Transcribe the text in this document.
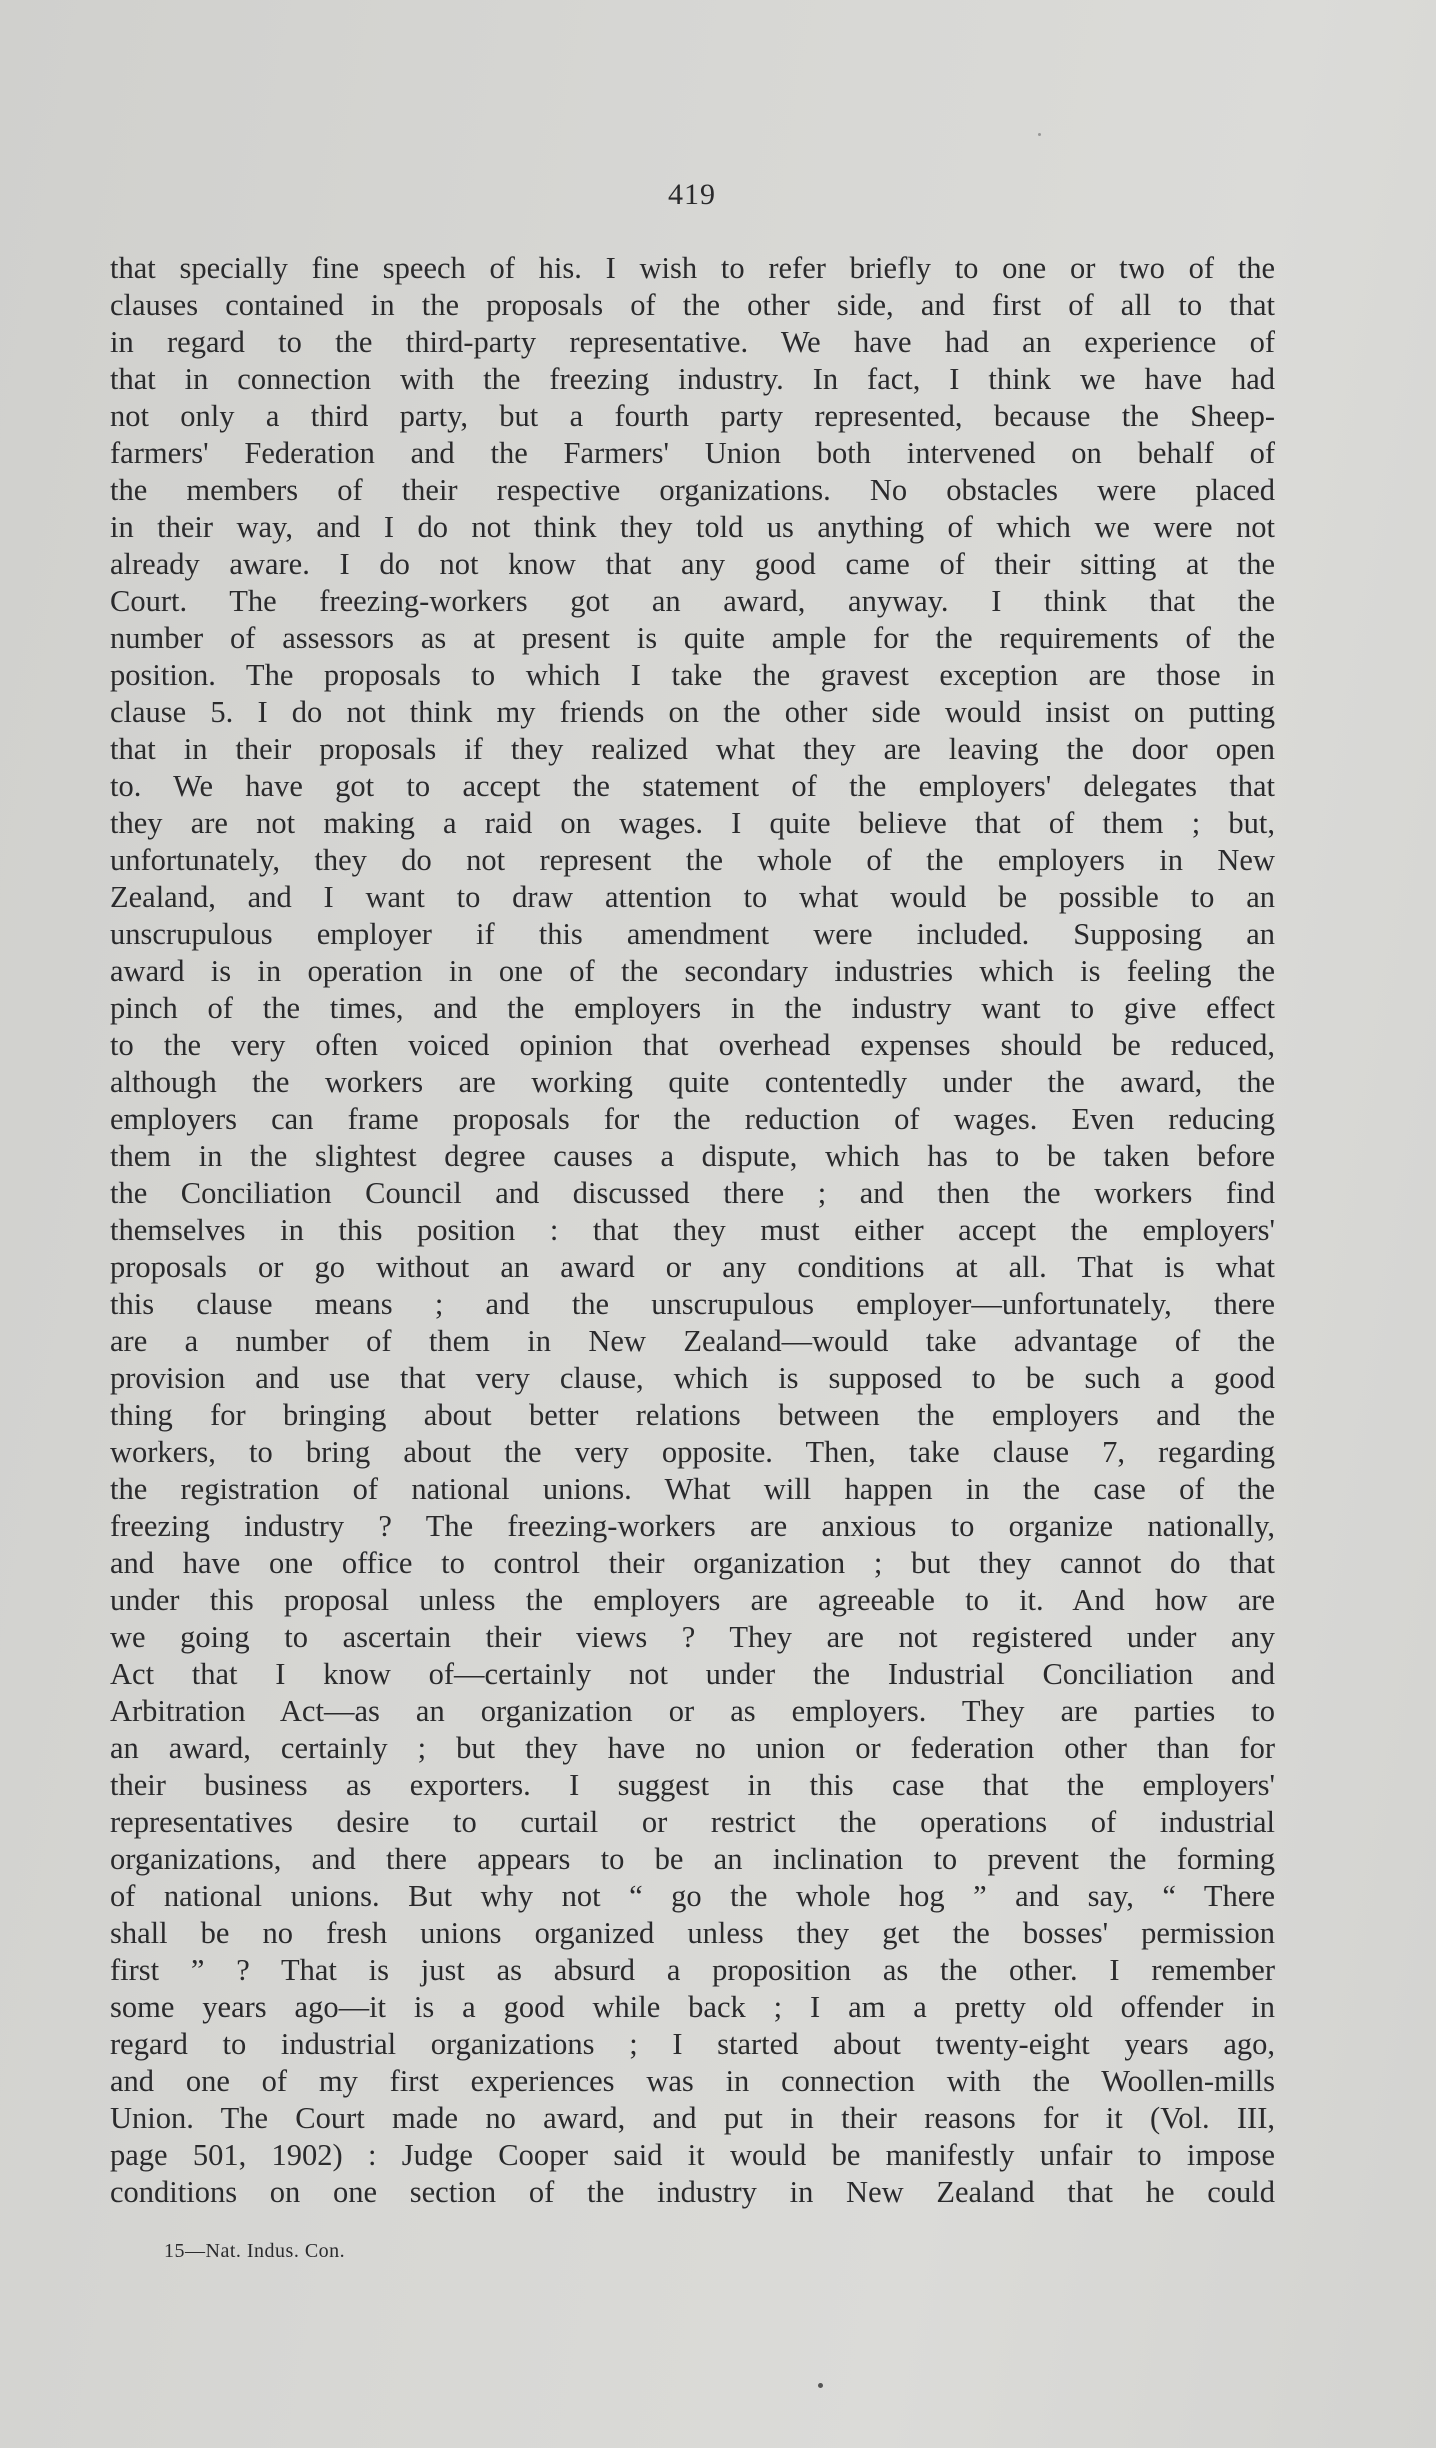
419
that specially fine speech of his. I wish to refer briefly to one or two of the
clauses contained in the proposals of the other side, and first of all to that
in regard to the third-party representative. We have had an experience of
that in connection with the freezing industry. In fact, I think we have had
not only a third party, but a fourth party represented, because the Sheep-
farmers' Federation and the Farmers' Union both intervened on behalf of
the members of their respective organizations. No obstacles were placed
in their way, and I do not think they told us anything of which we were not
already aware. I do not know that any good came of their sitting at the
Court. The freezing-workers got an award, anyway. I think that the
number of assessors as at present is quite ample for the requirements of the
position. The proposals to which I take the gravest exception are those in
clause 5. I do not think my friends on the other side would insist on putting
that in their proposals if they realized what they are leaving the door open
to. We have got to accept the statement of the employers' delegates that
they are not making a raid on wages. I quite believe that of them ; but,
unfortunately, they do not represent the whole of the employers in New
Zealand, and I want to draw attention to what would be possible to an
unscrupulous employer if this amendment were included. Supposing an
award is in operation in one of the secondary industries which is feeling the
pinch of the times, and the employers in the industry want to give effect
to the very often voiced opinion that overhead expenses should be reduced,
although the workers are working quite contentedly under the award, the
employers can frame proposals for the reduction of wages. Even reducing
them in the slightest degree causes a dispute, which has to be taken before
the Conciliation Council and discussed there ; and then the workers find
themselves in this position : that they must either accept the employers'
proposals or go without an award or any conditions at all. That is what
this clause means ; and the unscrupulous employer—unfortunately, there
are a number of them in New Zealand—would take advantage of the
provision and use that very clause, which is supposed to be such a good
thing for bringing about better relations between the employers and the
workers, to bring about the very opposite. Then, take clause 7, regarding
the registration of national unions. What will happen in the case of the
freezing industry ? The freezing-workers are anxious to organize nationally,
and have one office to control their organization ; but they cannot do that
under this proposal unless the employers are agreeable to it. And how are
we going to ascertain their views ? They are not registered under any
Act that I know of—certainly not under the Industrial Conciliation and
Arbitration Act—as an organization or as employers. They are parties to
an award, certainly ; but they have no union or federation other than for
their business as exporters. I suggest in this case that the employers'
representatives desire to curtail or restrict the operations of industrial
organizations, and there appears to be an inclination to prevent the forming
of national unions. But why not “ go the whole hog ” and say, “ There
shall be no fresh unions organized unless they get the bosses' permission
first ” ? That is just as absurd a proposition as the other. I remember
some years ago—it is a good while back ; I am a pretty old offender in
regard to industrial organizations ; I started about twenty-eight years ago,
and one of my first experiences was in connection with the Woollen-mills
Union. The Court made no award, and put in their reasons for it (Vol. III,
page 501, 1902) : Judge Cooper said it would be manifestly unfair to impose
conditions on one section of the industry in New Zealand that he could
15—Nat. Indus. Con.
